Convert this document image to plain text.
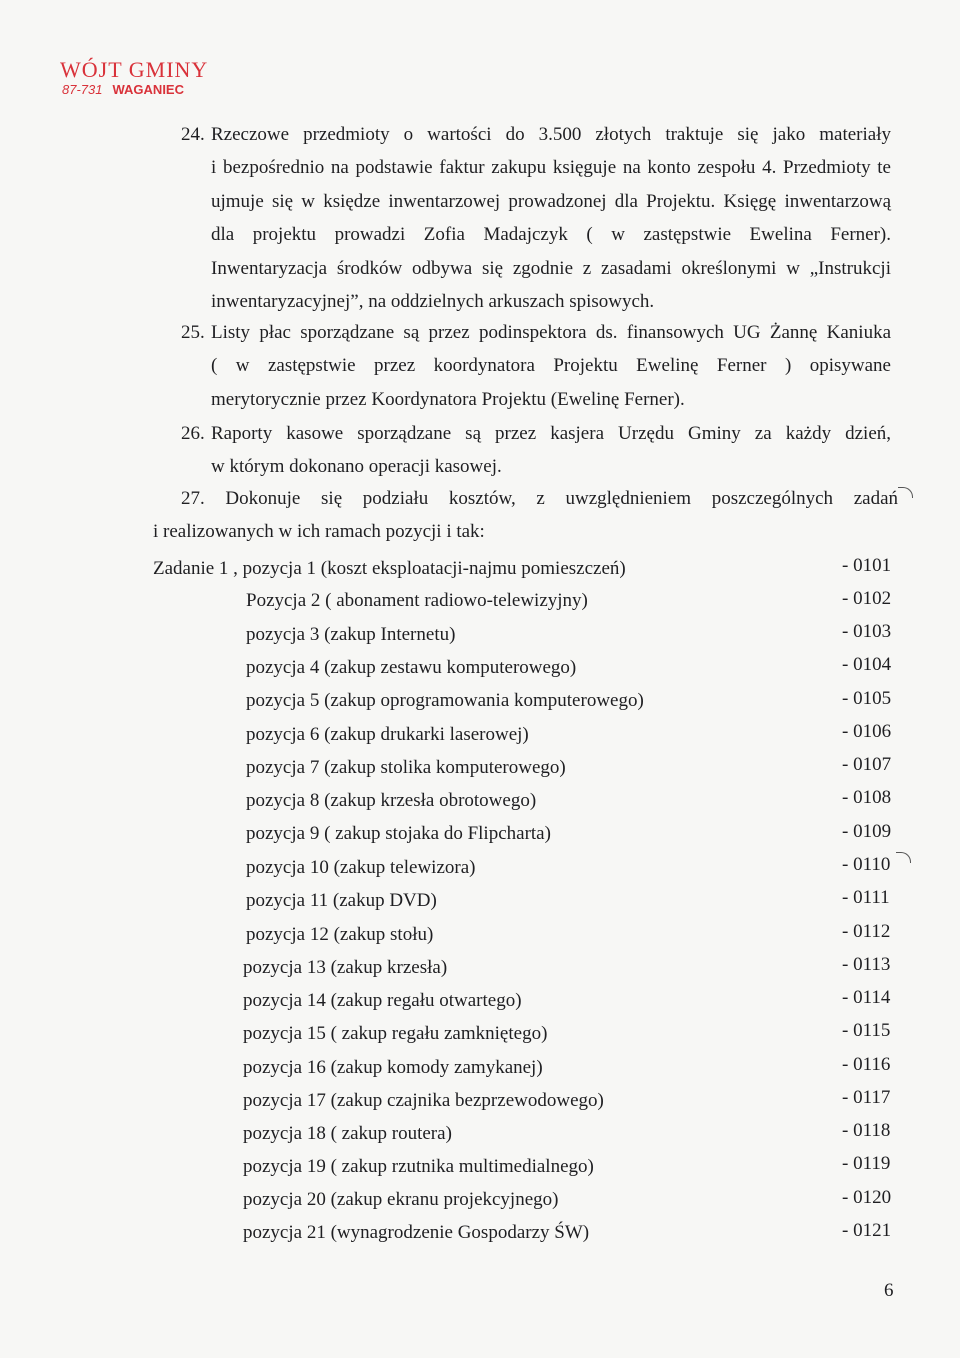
WÓJT GMINY
87-731 WAGANIEC
24. Rzeczowe przedmioty o wartości do 3.500 złotych traktuje się jako materiały
i bezpośrednio na podstawie faktur zakupu księguje na konto zespołu 4. Przedmioty te
ujmuje się w księdze inwentarzowej prowadzonej dla Projektu. Księgę inwentarzową
dla projektu prowadzi Zofia Madajczyk ( w zastępstwie Ewelina Ferner).
Inwentaryzacja środków odbywa się zgodnie z zasadami określonymi w „Instrukcji
inwentaryzacyjnej”, na oddzielnych arkuszach spisowych.
25. Listy płac sporządzane są przez podinspektora ds. finansowych UG Żannę Kaniuka
( w zastępstwie przez koordynatora Projektu Ewelinę Ferner ) opisywane
merytorycznie przez Koordynatora Projektu (Ewelinę Ferner).
26. Raporty kasowe sporządzane są przez kasjera Urzędu Gminy za każdy dzień,
w którym dokonano operacji kasowej.
27. Dokonuje się podziału kosztów, z uwzględnieniem poszczególnych zadań
i realizowanych w ich ramach pozycji i tak:
Zadanie 1 , pozycja 1 (koszt eksploatacji-najmu pomieszczeń)	- 0101
Pozycja 2 ( abonament radiowo-telewizyjny)	- 0102
pozycja 3 (zakup Internetu)	- 0103
pozycja 4 (zakup zestawu komputerowego)	- 0104
pozycja 5 (zakup oprogramowania komputerowego)	- 0105
pozycja 6 (zakup drukarki laserowej)	- 0106
pozycja 7 (zakup stolika komputerowego)	- 0107
pozycja 8 (zakup krzesła obrotowego)	- 0108
pozycja 9 ( zakup stojaka do Flipcharta)	- 0109
pozycja 10 (zakup telewizora)	- 0110
pozycja 11 (zakup DVD)	- 0111
pozycja 12 (zakup stołu)	- 0112
pozycja 13 (zakup krzesła)	- 0113
pozycja 14 (zakup regału otwartego)	- 0114
pozycja 15 ( zakup regału zamkniętego)	- 0115
pozycja 16 (zakup komody zamykanej)	- 0116
pozycja 17 (zakup czajnika bezprzewodowego)	- 0117
pozycja 18 ( zakup routera)	- 0118
pozycja 19 ( zakup rzutnika multimedialnego)	- 0119
pozycja 20 (zakup ekranu projekcyjnego)	- 0120
pozycja 21 (wynagrodzenie Gospodarzy ŚW)	- 0121
6
